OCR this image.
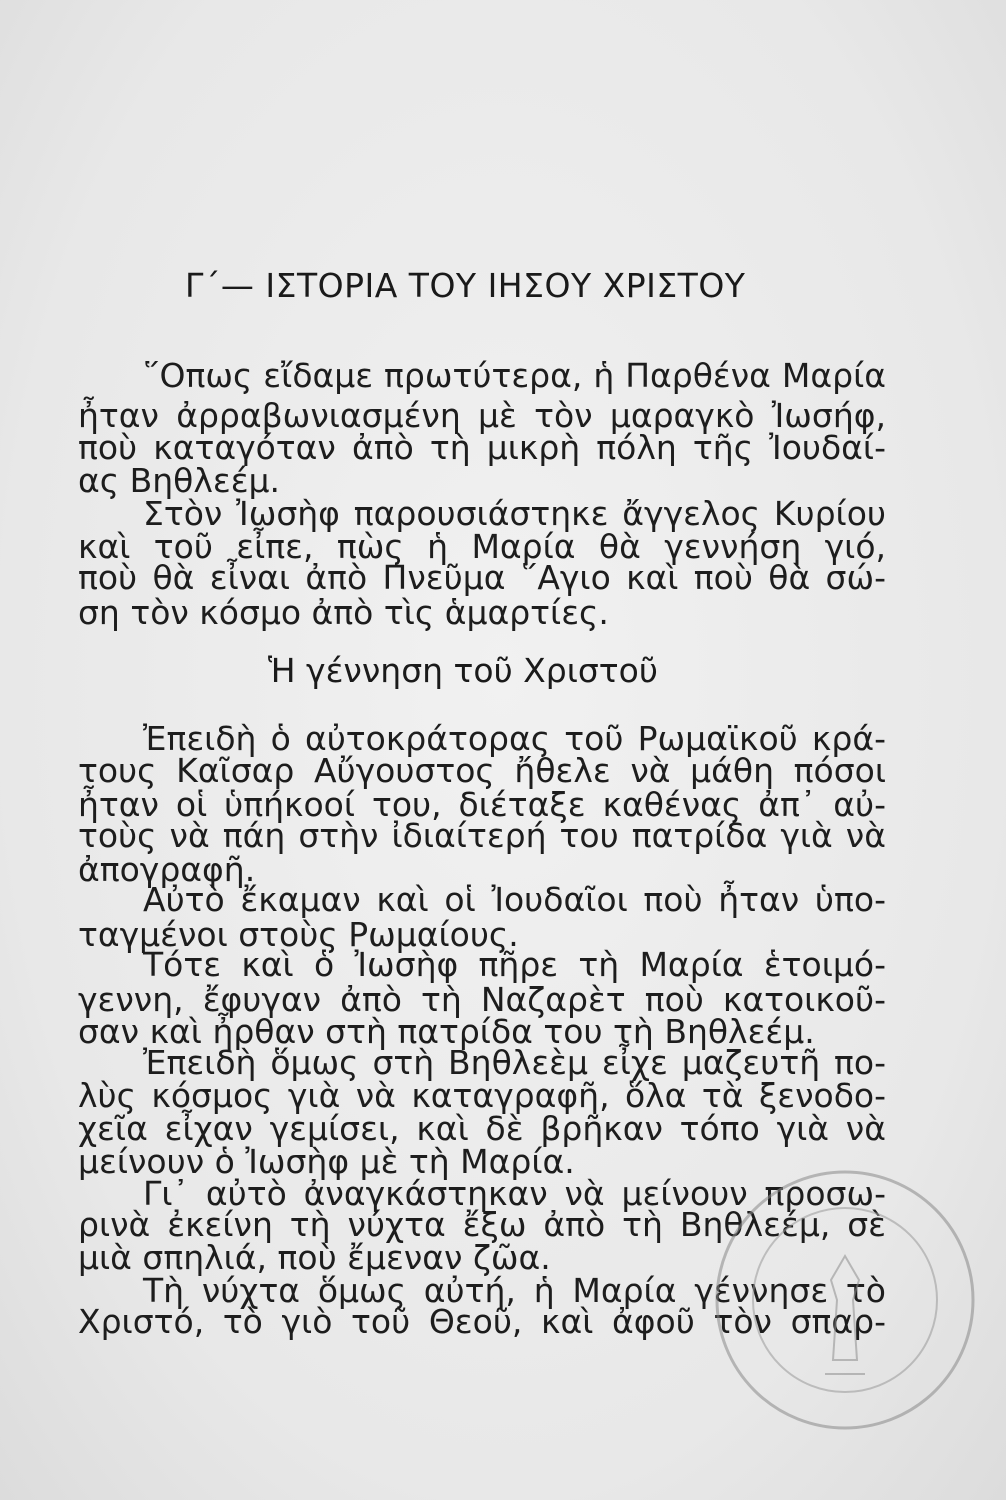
Γ΄— ΙΣΤΟΡΙΑ ΤΟΥ ΙΗΣΟΥ ΧΡΙΣΤΟΥ
῞Οπως εἴδαμε πρωτύτερα, ἡ Παρθένα Μαρία
ἦταν ἀρραβωνιασμένη μὲ τὸν μαραγκὸ Ἰωσήφ,
ποὺ καταγόταν ἀπὸ τὴ μικρὴ πόλη τῆς Ἰουδαί-
ας Βηθλεέμ.
Στὸν Ἰωσὴφ παρουσιάστηκε ἄγγελος Κυρίου
καὶ τοῦ εἶπε, πὼς ἡ Μαρία θὰ γεννήση γιό,
ποὺ θὰ εἶναι ἀπὸ Πνεῦμα ῞Αγιο καὶ ποὺ θὰ σώ-
ση τὸν κόσμο ἀπὸ τὶς ἁμαρτίες.
Ἡ γέννηση τοῦ Χριστοῦ
Ἐπειδὴ ὁ αὐτοκράτορας τοῦ Ρωμαϊκοῦ κρά-
τους Καῖσαρ Αὔγουστος ἤθελε νὰ μάθη πόσοι
ἦταν οἱ ὑπήκοοί του, διέταξε καθένας ἀπ᾿ αὐ-
τοὺς νὰ πάη στὴν ἰδιαίτερή του πατρίδα γιὰ νὰ
ἀπογραφῆ.
Αὐτὸ ἔκαμαν καὶ οἱ Ἰουδαῖοι ποὺ ἦταν ὑπο-
ταγμένοι στοὺς Ρωμαίους.
Τότε καὶ ὁ Ἰωσὴφ πῆρε τὴ Μαρία ἑτοιμό-
γεννη, ἔφυγαν ἀπὸ τὴ Ναζαρὲτ ποὺ κατοικοῦ-
σαν καὶ ἦρθαν στὴ πατρίδα του τὴ Βηθλεέμ.
Ἐπειδὴ ὅμως στὴ Βηθλεὲμ εἶχε μαζευτῆ πο-
λὺς κόσμος γιὰ νὰ καταγραφῆ, ὅλα τὰ ξενοδο-
χεῖα εἶχαν γεμίσει, καὶ δὲ βρῆκαν τόπο γιὰ νὰ
μείνουν ὁ Ἰωσὴφ μὲ τὴ Μαρία.
Γι᾿ αὐτὸ ἀναγκάστηκαν νὰ μείνουν προσω-
ρινὰ ἐκείνη τὴ νύχτα ἔξω ἀπὸ τὴ Βηθλεέμ, σὲ
μιὰ σπηλιά, ποὺ ἔμεναν ζῶα.
Τὴ νύχτα ὅμως αὐτή, ἡ Μαρία γέννησε τὸ
Χριστό, τὸ γιὸ τοῦ Θεοῦ, καὶ ἀφοῦ τὸν σπαρ-
